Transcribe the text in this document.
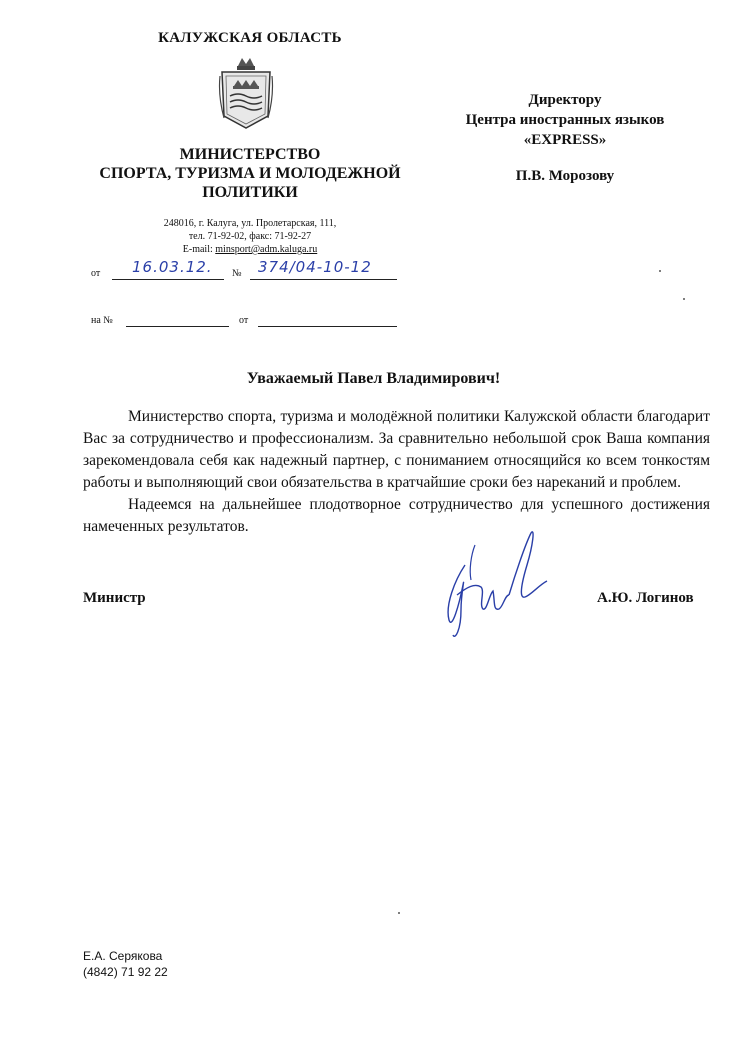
КАЛУЖСКАЯ ОБЛАСТЬ
МИНИСТЕРСТВО
СПОРТА, ТУРИЗМА И МОЛОДЕЖНОЙ
ПОЛИТИКИ
248016, г. Калуга, ул. Пролетарская, 111,
тел. 71-92-02, факс: 71-92-27
E-mail: minsport@adm.kaluga.ru
от 16.03.12. № 374/04-10-12
на №	от
Директору
Центра иностранных языков
«EXPRESS»
П.В. Морозову
Уважаемый Павел Владимирович!

Министерство спорта, туризма и молодёжной политики Калужской области благодарит Вас за сотрудничество и профессионализм. За сравнительно небольшой срок Ваша компания зарекомендовала себя как надежный партнер, с пониманием относящийся ко всем тонкостям работы и выполняющий свои обязательства в кратчайшие сроки без нареканий и проблем.

Надеемся на дальнейшее плодотворное сотрудничество для успешного достижения намеченных результатов.

Министр	А.Ю. Логинов
Е.А. Серякова
(4842) 71 92 22
